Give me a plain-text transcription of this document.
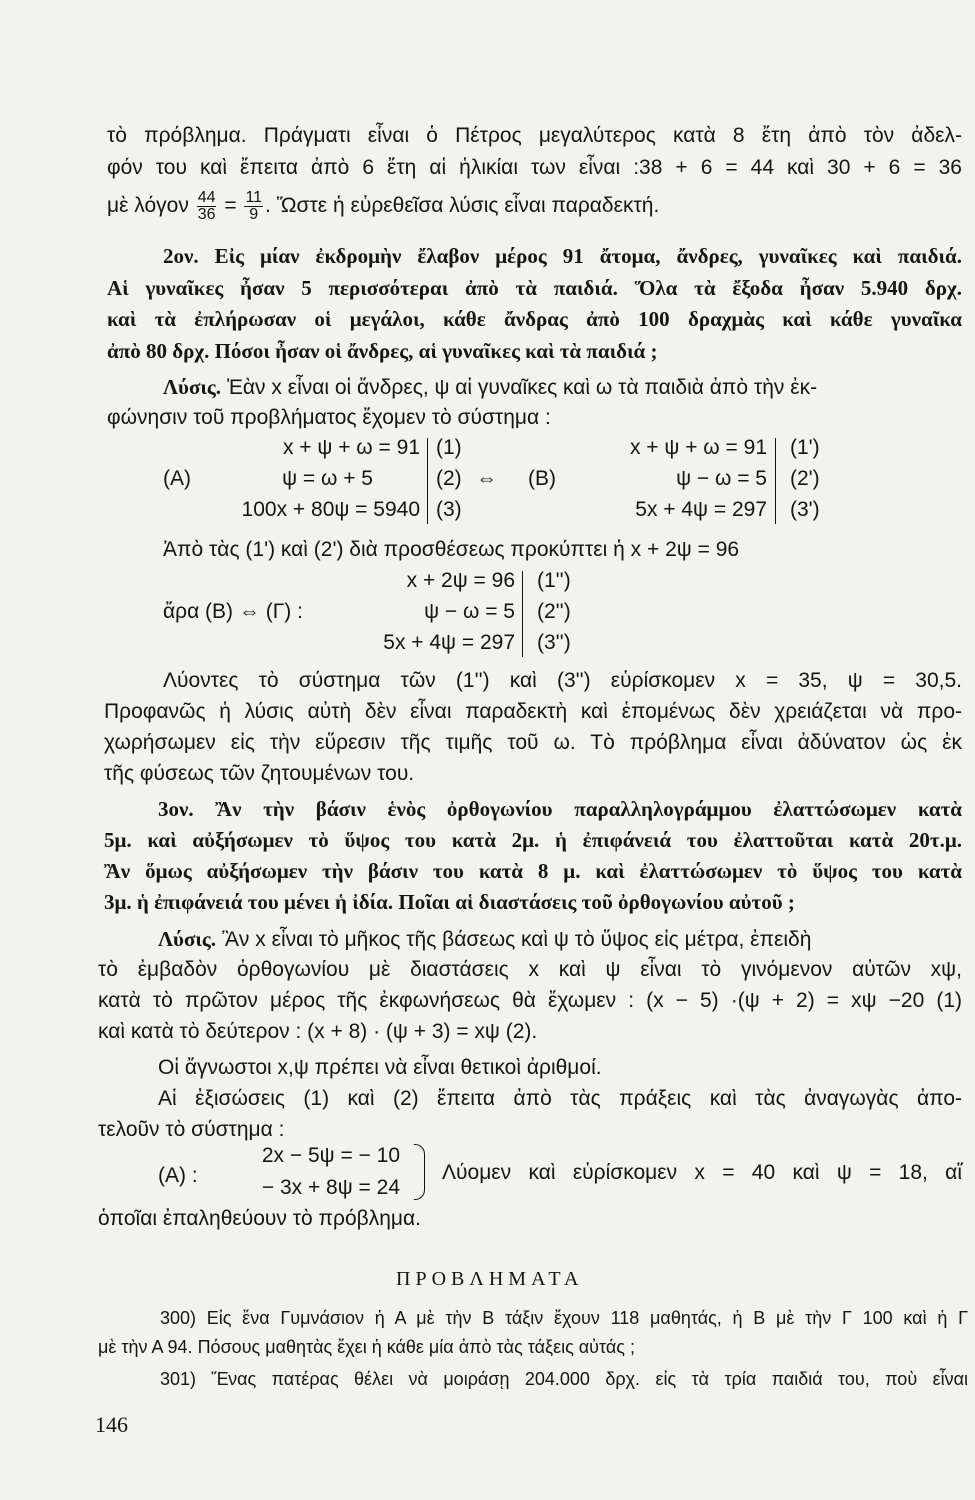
τὸ πρόβλημα. Πράγματι εἶναι ὁ Πέτρος μεγαλύτερος κατὰ 8 ἔτη ἀπὸ τὸν ἀδελ-
φόν του καὶ ἔπειτα ἀπὸ 6 ἔτη αἱ ἡλικίαι των εἶναι :38 + 6 = 44 καὶ 30 + 6 = 36
μὲ λόγον $\frac{44}{36} = \frac{11}{9}$ . Ὥστε ἡ εὑρεθεῖσα λύσις εἶναι παραδεκτή.
2ον. Εἰς μίαν ἐκδρομὴν ἔλαβον μέρος 91 ἄτομα, ἄνδρες, γυναῖκες καὶ παιδιά.
Αἱ γυναῖκες ἦσαν 5 περισσότεραι ἀπὸ τὰ παιδιά. Ὅλα τὰ ἔξοδα ἦσαν 5.940 δρχ.
καὶ τὰ ἐπλήρωσαν οἱ μεγάλοι, κάθε ἄνδρας ἀπὸ 100 δραχμὰς καὶ κάθε γυναῖκα
ἀπὸ 80 δρχ. Πόσοι ἦσαν οἱ ἄνδρες, αἱ γυναῖκες καὶ τὰ παιδιά ;
Λύσις. Ἐὰν x εἶναι οἱ ἄνδρες, ψ αἱ γυναῖκες καὶ ω τὰ παιδιὰ ἀπὸ τὴν ἐκ-
φώνησιν τοῦ προβλήματος ἔχομεν τὸ σύστημα :
(A)
x + ψ + ω = 91
ψ = ω + 5
100x + 80ψ = 5940
(1)
(2)
(3)
⇔ (B)
x + ψ + ω = 91
ψ − ω = 5
5x + 4ψ = 297
(1')
(2')
(3')
Ἀπὸ τὰς (1') καὶ (2') διὰ προσθέσεως προκύπτει ἡ x + 2ψ = 96
ἄρα (B) ⇔ (Γ) :
x + 2ψ = 96
ψ − ω = 5
5x + 4ψ = 297
(1'')
(2'')
(3'')
Λύοντες τὸ σύστημα τῶν (1'') καὶ (3'') εὑρίσκομεν x = 35, ψ = 30,5.
Προφανῶς ἡ λύσις αὐτὴ δὲν εἶναι παραδεκτὴ καὶ ἑπομένως δὲν χρειάζεται νὰ προ-
χωρήσωμεν εἰς τὴν εὕρεσιν τῆς τιμῆς τοῦ ω. Τὸ πρόβλημα εἶναι ἀδύνατον ὡς ἐκ
τῆς φύσεως τῶν ζητουμένων του.
3ον. Ἂν τὴν βάσιν ἑνὸς ὀρθογωνίου παραλληλογράμμου ἐλαττώσωμεν κατὰ
5μ. καὶ αὐξήσωμεν τὸ ὕψος του κατὰ 2μ. ἡ ἐπιφάνειά του ἐλαττοῦται κατὰ 20τ.μ.
Ἂν ὅμως αὐξήσωμεν τὴν βάσιν του κατὰ 8 μ. καὶ ἐλαττώσωμεν τὸ ὕψος του κατὰ
3μ. ἡ ἐπιφάνειά του μένει ἡ ἰδία. Ποῖαι αἱ διαστάσεις τοῦ ὀρθογωνίου αὐτοῦ ;
Λύσις. Ἂν x εἶναι τὸ μῆκος τῆς βάσεως καὶ ψ τὸ ὕψος εἰς μέτρα, ἐπειδὴ
τὸ ἐμβαδὸν ὀρθογωνίου μὲ διαστάσεις x καὶ ψ εἶναι τὸ γινόμενον αὐτῶν xψ,
κατὰ τὸ πρῶτον μέρος τῆς ἐκφωνήσεως θὰ ἔχωμεν : (x − 5) ·(ψ + 2) = xψ −20 (1)
καὶ κατὰ τὸ δεύτερον : (x + 8) · (ψ + 3) = xψ (2).
Οἱ ἄγνωστοι x,ψ πρέπει νὰ εἶναι θετικοὶ ἀριθμοί.
Αἱ ἐξισώσεις (1) καὶ (2) ἔπειτα ἀπὸ τὰς πράξεις καὶ τὰς ἀναγωγὰς ἀπο-
τελοῦν τὸ σύστημα :
(A) :
2x − 5ψ = − 10
− 3x + 8ψ = 24
Λύομεν καὶ εὑρίσκομεν x = 40 καὶ ψ = 18, αἵ
ὁποῖαι ἐπαληθεύουν τὸ πρόβλημα.
ΠΡΟΒΛΗΜΑΤΑ
300) Εἰς ἕνα Γυμνάσιον ἡ Α μὲ τὴν Β τάξιν ἔχουν 118 μαθητάς, ἡ Β μὲ τὴν Γ 100 καὶ ἡ Γ
μὲ τὴν Α 94. Πόσους μαθητὰς ἔχει ἡ κάθε μία ἀπὸ τὰς τάξεις αὐτάς ;
301) Ἕνας πατέρας θέλει νὰ μοιράσῃ 204.000 δρχ. εἰς τὰ τρία παιδιά του, ποὺ εἶναι
146
